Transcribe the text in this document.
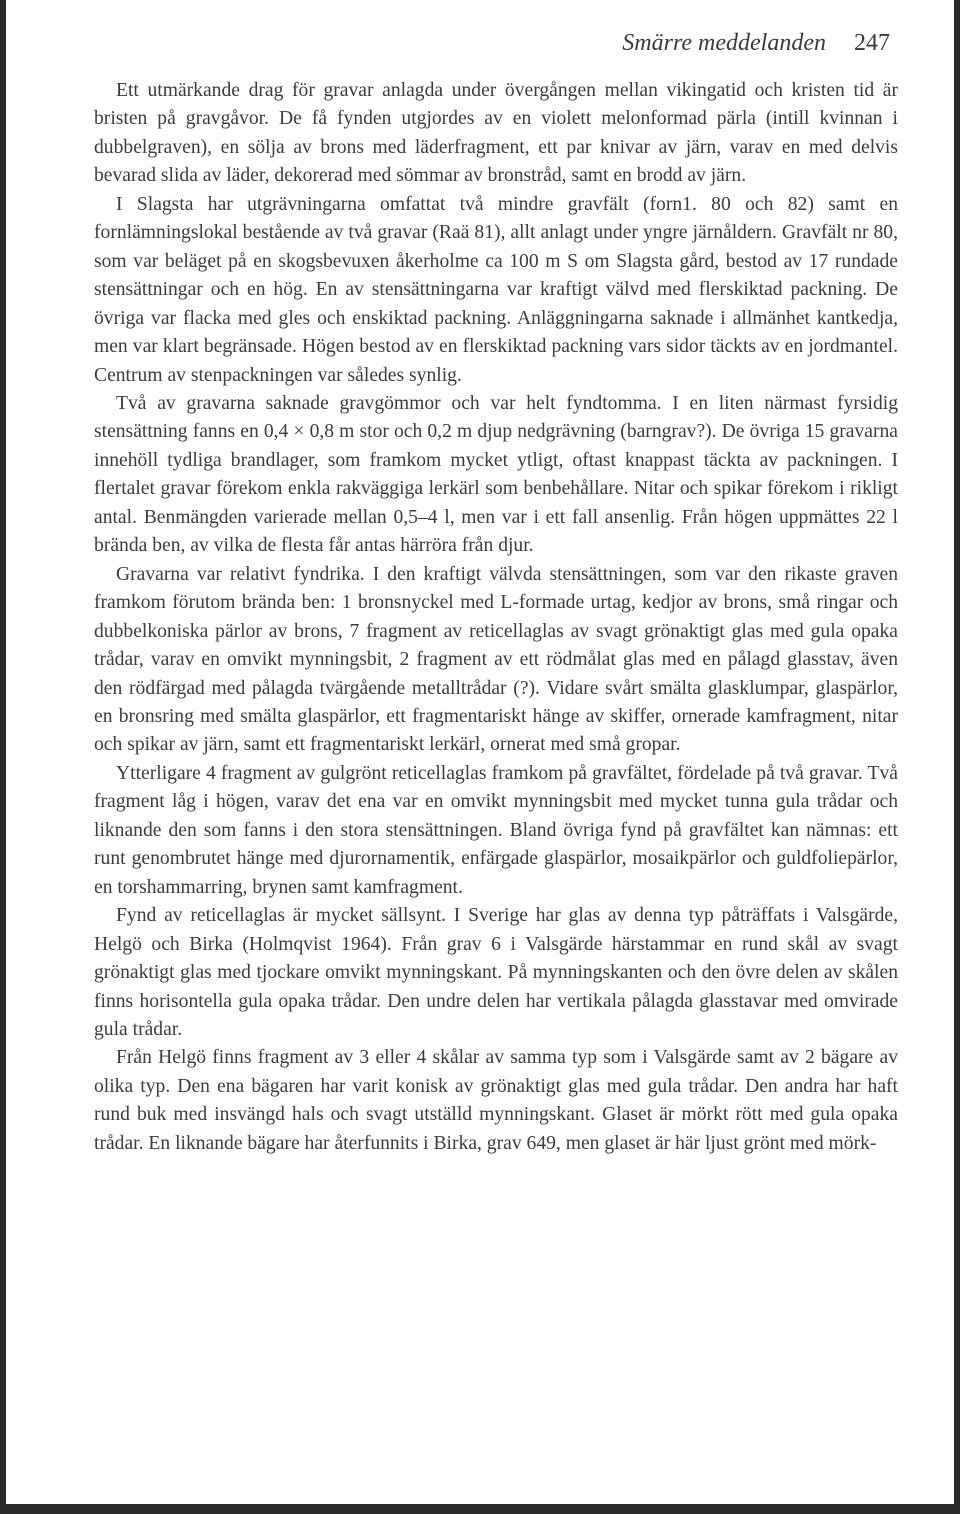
Smärre meddelanden 247

Ett utmärkande drag för gravar anlagda under övergången mellan vikingatid och kristen tid är bristen på gravgåvor. De få fynden utgjordes av en violett melonformad pärla (intill kvinnan i dubbelgraven), en sölja av brons med läderfragment, ett par knivar av järn, varav en med delvis bevarad slida av läder, dekorerad med sömmar av bronstråd, samt en brodd av järn.

I Slagsta har utgrävningarna omfattat två mindre gravfält (forn1. 80 och 82) samt en fornlämningslokal bestående av två gravar (Raä 81), allt anlagt under yngre järnåldern. Gravfält nr 80, som var beläget på en skogsbevuxen åkerholme ca 100 m S om Slagsta gård, bestod av 17 rundade stensättningar och en hög. En av stensättningarna var kraftigt välvd med flerskiktad packning. De övriga var flacka med gles och enskiktad packning. Anläggningarna saknade i allmänhet kantkedja, men var klart begränsade. Högen bestod av en flerskiktad packning vars sidor täckts av en jordmantel. Centrum av stenpackningen var således synlig.

Två av gravarna saknade gravgömmor och var helt fyndtomma. I en liten närmast fyrsidig stensättning fanns en 0,4 × 0,8 m stor och 0,2 m djup nedgrävning (barngrav?). De övriga 15 gravarna innehöll tydliga brandlager, som framkom mycket ytligt, oftast knappast täckta av packningen. I flertalet gravar förekom enkla rakväggiga lerkärl som benbehållare. Nitar och spikar förekom i rikligt antal. Benmängden varierade mellan 0,5–4 l, men var i ett fall ansenlig. Från högen uppmättes 22 l brända ben, av vilka de flesta får antas härröra från djur.

Gravarna var relativt fyndrika. I den kraftigt välvda stensättningen, som var den rikaste graven framkom förutom brända ben: 1 bronsnyckel med L-formade urtag, kedjor av brons, små ringar och dubbelkoniska pärlor av brons, 7 fragment av reticellaglas av svagt grönaktigt glas med gula opaka trådar, varav en omvikt mynningsbit, 2 fragment av ett rödmålat glas med en pålagd glasstav, även den rödfärgad med pålagda tvärgående metalltrådar (?). Vidare svårt smälta glasklumpar, glaspärlor, en bronsring med smälta glaspärlor, ett fragmentariskt hänge av skiffer, ornerade kamfragment, nitar och spikar av järn, samt ett fragmentariskt lerkärl, ornerat med små gropar.

Ytterligare 4 fragment av gulgrönt reticellaglas framkom på gravfältet, fördelade på två gravar. Två fragment låg i högen, varav det ena var en omvikt mynningsbit med mycket tunna gula trådar och liknande den som fanns i den stora stensättningen. Bland övriga fynd på gravfältet kan nämnas: ett runt genombrutet hänge med djurornamentik, enfärgade glaspärlor, mosaikpärlor och guldfoliepärlor, en torshammarring, brynen samt kamfragment.

Fynd av reticellaglas är mycket sällsynt. I Sverige har glas av denna typ påträffats i Valsgärde, Helgö och Birka (Holmqvist 1964). Från grav 6 i Valsgärde härstammar en rund skål av svagt grönaktigt glas med tjockare omvikt mynningskant. På mynningskanten och den övre delen av skålen finns horisontella gula opaka trådar. Den undre delen har vertikala pålagda glasstavar med omvirade gula trådar.

Från Helgö finns fragment av 3 eller 4 skålar av samma typ som i Valsgärde samt av 2 bägare av olika typ. Den ena bägaren har varit konisk av grönaktigt glas med gula trådar. Den andra har haft rund buk med insvängd hals och svagt utställd mynningskant. Glaset är mörkt rött med gula opaka trådar. En liknande bägare har återfunnits i Birka, grav 649, men glaset är här ljust grönt med mörk-
